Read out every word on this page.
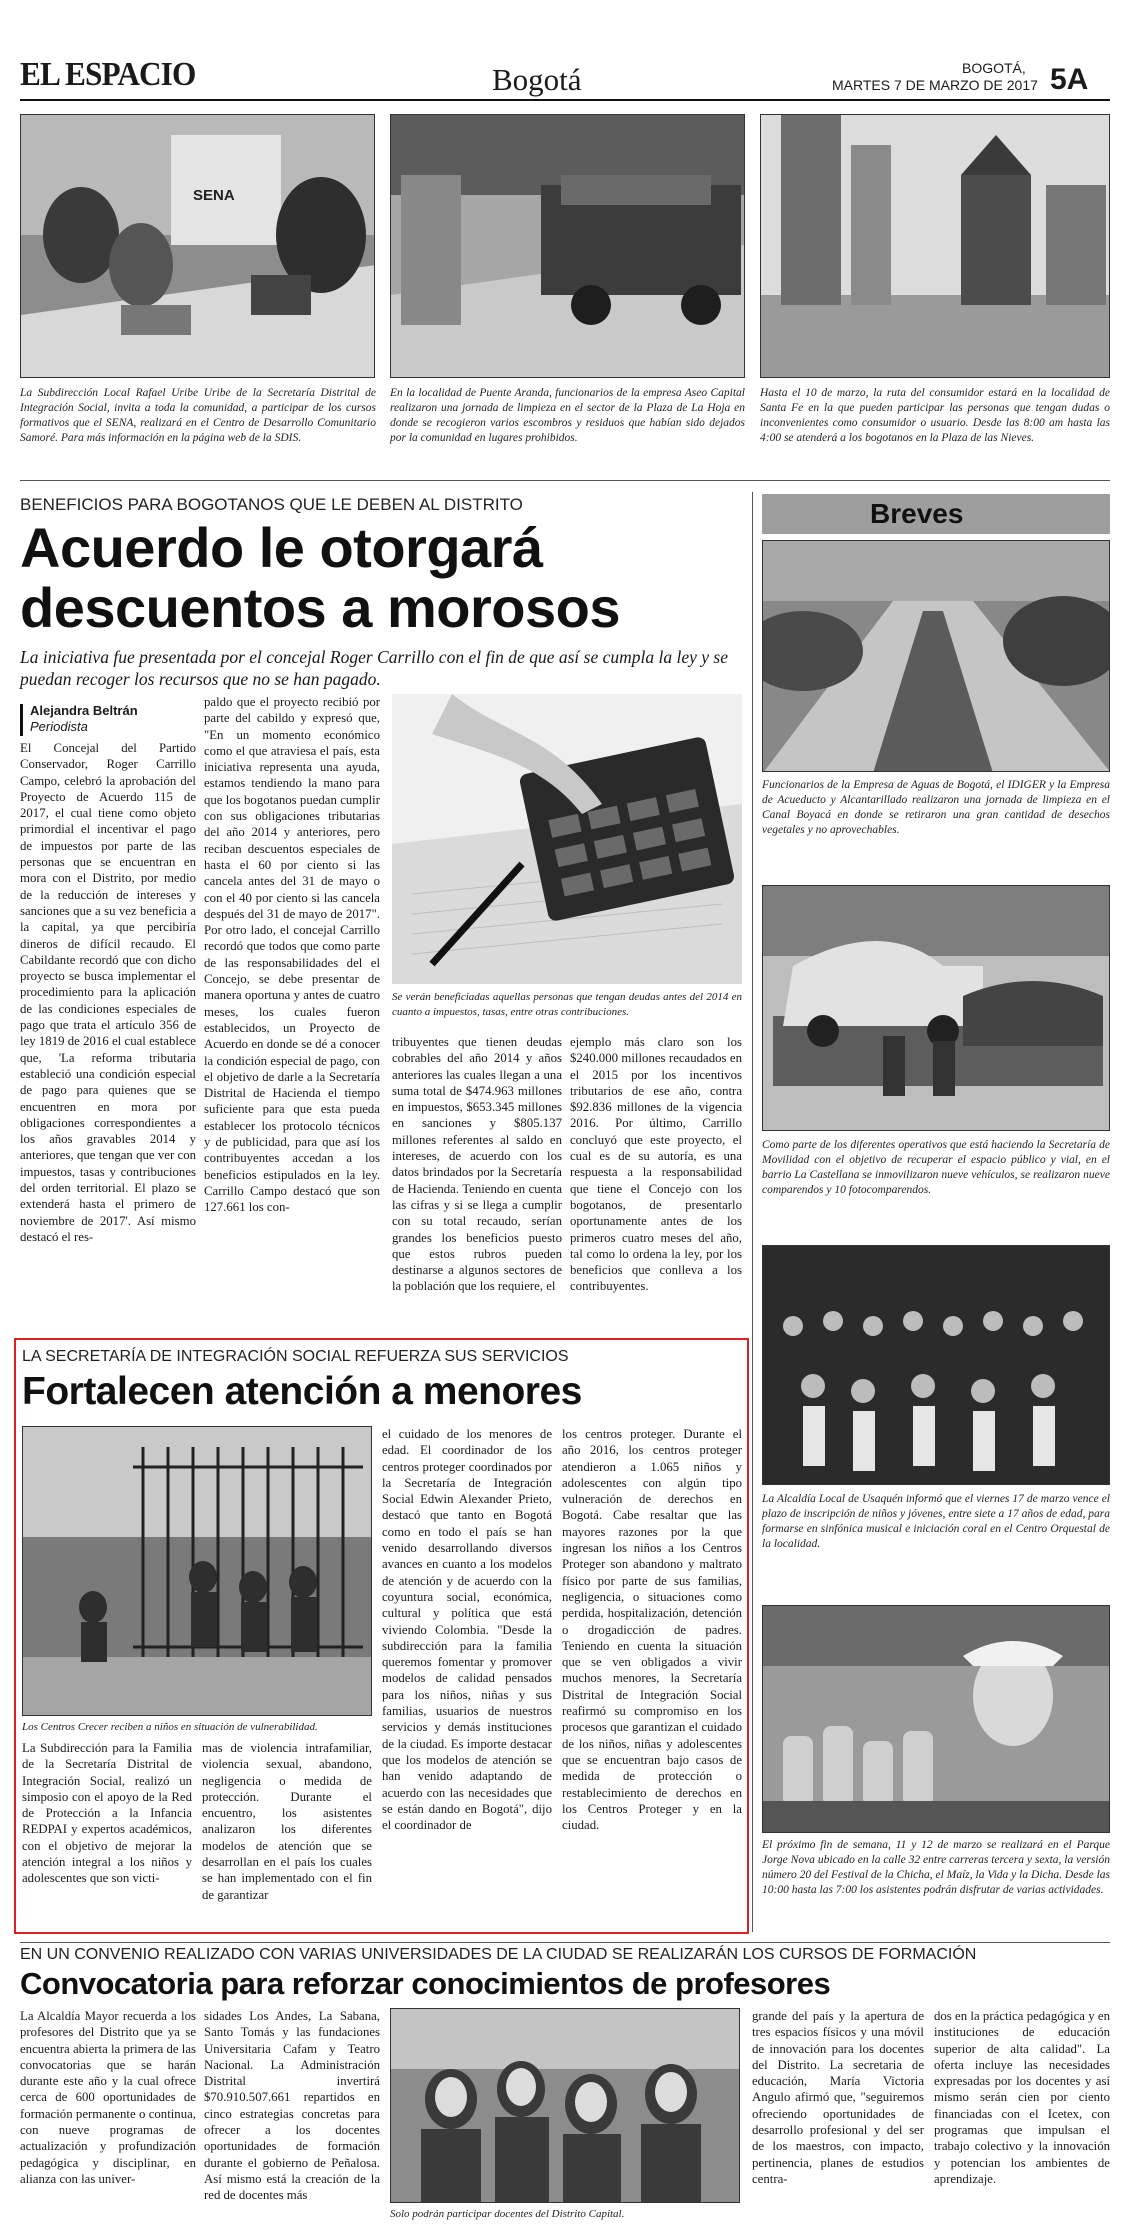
EL ESPACIO	Bogotá	BOGOTÁ,
MARTES 7 DE MARZO DE 2017 5A
SENA
La Subdirección Local Rafael Uribe Uribe de la Secretaría Distrital de Integración Social, invita a toda la comunidad, a participar de los cursos formativos que el SENA, realizará en el Centro de Desarrollo Comunitario Samoré. Para más información en la página web de la SDIS.
En la localidad de Puente Aranda, funcionarios de la empresa Aseo Capital realizaron una jornada de limpieza en el sector de la Plaza de La Hoja en donde se recogieron varios escombros y residuos que habían sido dejados por la comunidad en lugares prohibidos.
Hasta el 10 de marzo, la ruta del consumidor estará en la localidad de Santa Fe en la que pueden participar las personas que tengan dudas o inconvenientes como consumidor o usuario. Desde las 8:00 am hasta las 4:00 se atenderá a los bogotanos en la Plaza de las Nieves.
BENEFICIOS PARA BOGOTANOS QUE LE DEBEN AL DISTRITO
Acuerdo le otorgará
descuentos a morosos
La iniciativa fue presentada por el concejal Roger Carrillo con el fin de que así se cumpla la ley y se puedan recoger los recursos que no se han pagado.
Alejandra Beltrán
Periodista
El Concejal del Partido Conservador, Roger Carrillo Campo, celebró la aprobación del Proyecto de Acuerdo 115 de 2017, el cual tiene como objeto primordial el incentivar el pago de impuestos por parte de las personas que se encuentran en mora con el Distrito, por medio de la reducción de intereses y sanciones que a su vez beneficia a la capital, ya que percibiría dineros de difícil recaudo. El Cabildante recordó que con dicho proyecto se busca implementar el procedimiento para la aplicación de las condiciones especiales de pago que trata el artículo 356 de ley 1819 de 2016 el cual establece que, 'La reforma tributaria estableció una condición especial de pago para quienes que se encuentren en mora por obligaciones correspondientes a los años gravables 2014 y anteriores, que tengan que ver con impuestos, tasas y contribuciones del orden territorial. El plazo se extenderá hasta el primero de noviembre de 2017'. Así mismo destacó el res-
paldo que el proyecto recibió por parte del cabildo y expresó que, "En un momento económico como el que atraviesa el país, esta iniciativa representa una ayuda, estamos tendiendo la mano para que los bogotanos puedan cumplir con sus obligaciones tributarias del año 2014 y anteriores, pero reciban descuentos especiales de hasta el 60 por ciento si las cancela antes del 31 de mayo o con el 40 por ciento si las cancela después del 31 de mayo de 2017". Por otro lado, el concejal Carrillo recordó que todos que como parte de las responsabilidades del el Concejo, se debe presentar de manera oportuna y antes de cuatro meses, los cuales fueron establecidos, un Proyecto de Acuerdo en donde se dé a conocer la condición especial de pago, con el objetivo de darle a la Secretaría Distrital de Hacienda el tiempo suficiente para que esta pueda establecer los protocolo técnicos y de publicidad, para que así los contribuyentes accedan a los beneficios estipulados en la ley. Carrillo Campo destacó que son 127.661 los con-
Se verán beneficiadas aquellas personas que tengan deudas antes del 2014 en cuanto a impuestos, tasas, entre otras contribuciones.
tribuyentes que tienen deudas cobrables del año 2014 y años anteriores las cuales llegan a una suma total de $474.963 millones en impuestos, $653.345 millones en sanciones y $805.137 millones referentes al saldo en intereses, de acuerdo con los datos brindados por la Secretaría de Hacienda. Teniendo en cuenta las cifras y si se llega a cumplir con su total recaudo, serían grandes los beneficios puesto que estos rubros pueden destinarse a algunos sectores de la población que los requiere, el
ejemplo más claro son los $240.000 millones recaudados en el 2015 por los incentivos tributarios de ese año, contra $92.836 millones de la vigencia 2016. Por último, Carrillo concluyó que este proyecto, el cual es de su autoría, es una respuesta a la responsabilidad que tiene el Concejo con los bogotanos, de presentarlo oportunamente antes de los primeros cuatro meses del año, tal como lo ordena la ley, por los beneficios que conlleva a los contribuyentes.
Breves
Funcionarios de la Empresa de Aguas de Bogotá, el IDIGER y la Empresa de Acueducto y Alcantarillado realizaron una jornada de limpieza en el Canal Boyacá en donde se retiraron una gran cantidad de desechos vegetales y no aprovechables.
Como parte de los diferentes operativos que está haciendo la Secretaría de Movilidad con el objetivo de recuperar el espacio público y vial, en el barrio La Castellana se inmovilizaron nueve vehículos, se realizaron nueve comparendos y 10 fotocomparendos.
La Alcaldía Local de Usaquén informó que el viernes 17 de marzo vence el plazo de inscripción de niños y jóvenes, entre siete a 17 años de edad, para formarse en sinfónica musical e iniciación coral en el Centro Orquestal de la localidad.
El próximo fin de semana, 11 y 12 de marzo se realizará en el Parque Jorge Nova ubicado en la calle 32 entre carreras tercera y sexta, la versión número 20 del Festival de la Chicha, el Maíz, la Vida y la Dicha. Desde las 10:00 hasta las 7:00 los asistentes podrán disfrutar de varias actividades.
LA SECRETARÍA DE INTEGRACIÓN SOCIAL REFUERZA SUS SERVICIOS
Fortalecen atención a menores
Los Centros Crecer reciben a niños en situación de vulnerabilidad.
La Subdirección para la Familia de la Secretaría Distrital de Integración Social, realizó un simposio con el apoyo de la Red de Protección a la Infancia REDPAI y expertos académicos, con el objetivo de mejorar la atención integral a los niños y adolescentes que son victi-
mas de violencia intrafamiliar, violencia sexual, abandono, negligencia o medida de protección. Durante el encuentro, los asistentes analizaron los diferentes modelos de atención que se desarrollan en el país los cuales se han implementado con el fin de garantizar
el cuidado de los menores de edad. El coordinador de los centros proteger coordinados por la Secretaría de Integración Social Edwin Alexander Prieto, destacó que tanto en Bogotá como en todo el país se han venido desarrollando diversos avances en cuanto a los modelos de atención y de acuerdo con la coyuntura social, económica, cultural y política que está viviendo Colombia. "Desde la subdirección para la familia queremos fomentar y promover modelos de calidad pensados para los niños, niñas y sus familias, usuarios de nuestros servicios y demás instituciones de la ciudad. Es importe destacar que los modelos de atención se han venido adaptando de acuerdo con las necesidades que se están dando en Bogotá", dijo el coordinador de
los centros proteger. Durante el año 2016, los centros proteger atendieron a 1.065 niños y adolescentes con algún tipo vulneración de derechos en Bogotá. Cabe resaltar que las mayores razones por la que ingresan los niños a los Centros Proteger son abandono y maltrato físico por parte de sus familias, negligencia, o situaciones como perdida, hospitalización, detención o drogadicción de padres. Teniendo en cuenta la situación que se ven obligados a vivir muchos menores, la Secretaría Distrital de Integración Social reafirmó su compromiso en los procesos que garantizan el cuidado de los niños, niñas y adolescentes que se encuentran bajo casos de medida de protección o restablecimiento de derechos en los Centros Proteger y en la ciudad.
EN UN CONVENIO REALIZADO CON VARIAS UNIVERSIDADES DE LA CIUDAD SE REALIZARÁN LOS CURSOS DE FORMACIÓN
Convocatoria para reforzar conocimientos de profesores
La Alcaldía Mayor recuerda a los profesores del Distrito que ya se encuentra abierta la primera de las convocatorias que se harán durante este año y la cual ofrece cerca de 600 oportunidades de formación permanente o continua, con nueve programas de actualización y profundización pedagógica y disciplinar, en alianza con las univer-
sidades Los Andes, La Sabana, Santo Tomás y las fundaciones Universitaria Cafam y Teatro Nacional. La Administración Distrital invertirá $70.910.507.661 repartidos en cinco estrategias concretas para ofrecer a los docentes oportunidades de formación durante el gobierno de Peñalosa. Así mismo está la creación de la red de docentes más
Solo podrán participar docentes del Distrito Capital.
grande del país y la apertura de tres espacios físicos y una móvil de innovación para los docentes del Distrito. La secretaria de educación, María Victoria Angulo afirmó que, "seguiremos ofreciendo oportunidades de desarrollo profesional y del ser de los maestros, con impacto, pertinencia, planes de estudios centra-
dos en la práctica pedagógica y en instituciones de educación superior de alta calidad". La oferta incluye las necesidades expresadas por los docentes y así mismo serán cien por ciento financiadas con el Icetex, con programas que impulsan el trabajo colectivo y la innovación y potencian los ambientes de aprendizaje.
